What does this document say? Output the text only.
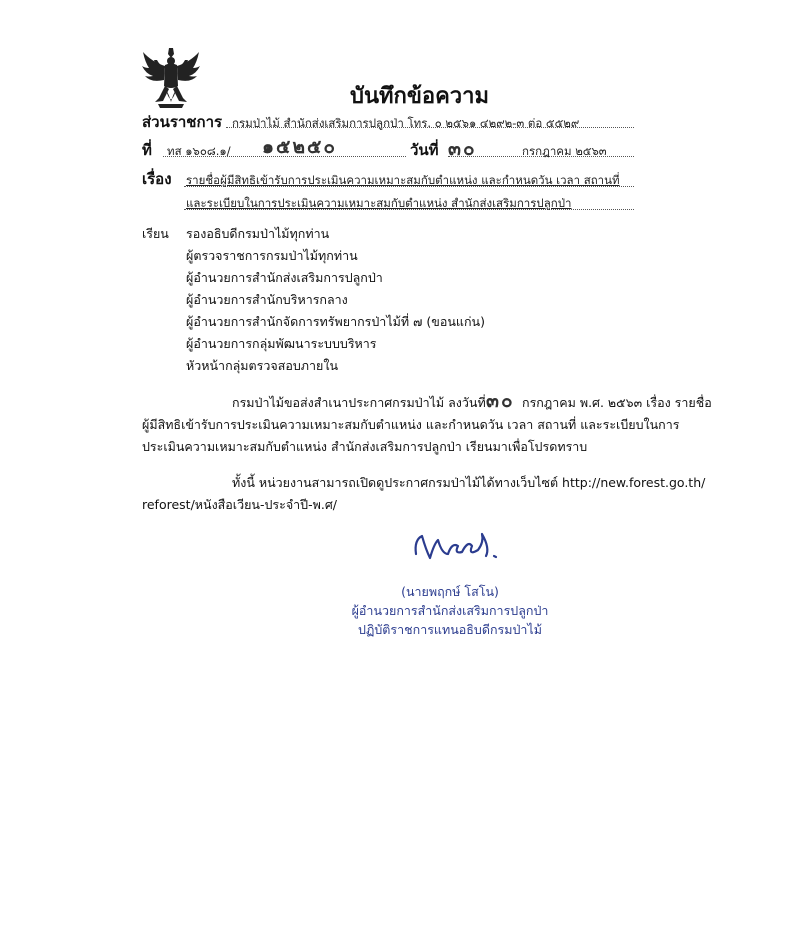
บันทึกข้อความ
ส่วนราชการ กรมป่าไม้ สำนักส่งเสริมการปลูกป่า โทร. ๐ ๒๕๖๑ ๔๒๙๒-๓ ต่อ ๕๕๒๙
ที่ ทส ๑๖๐๘.๑/ ๑๕๒๕๐	วันที่ ๓๐	กรกฎาคม ๒๕๖๓
เรื่อง รายชื่อผู้มีสิทธิเข้ารับการประเมินความเหมาะสมกับตำแหน่ง และกำหนดวัน เวลา สถานที่
และระเบียบในการประเมินความเหมาะสมกับตำแหน่ง สำนักส่งเสริมการปลูกป่า
เรียน รองอธิบดีกรมป่าไม้ทุกท่าน
ผู้ตรวจราชการกรมป่าไม้ทุกท่าน
ผู้อำนวยการสำนักส่งเสริมการปลูกป่า
ผู้อำนวยการสำนักบริหารกลาง
ผู้อำนวยการสำนักจัดการทรัพยากรป่าไม้ที่ ๗ (ขอนแก่น)
ผู้อำนวยการกลุ่มพัฒนาระบบบริหาร
หัวหน้ากลุ่มตรวจสอบภายใน
กรมป่าไม้ขอส่งสำเนาประกาศกรมป่าไม้ ลงวันที่ ๓๐ กรกฎาคม พ.ศ. ๒๕๖๓ เรื่อง รายชื่อ
ผู้มีสิทธิเข้ารับการประเมินความเหมาะสมกับตำแหน่ง และกำหนดวัน เวลา สถานที่ และระเบียบในการ
ประเมินความเหมาะสมกับตำแหน่ง สำนักส่งเสริมการปลูกป่า เรียนมาเพื่อโปรดทราบ
ทั้งนี้ หน่วยงานสามารถเปิดดูประกาศกรมป่าไม้ได้ทางเว็บไซต์ http://new.forest.go.th/
reforest/หนังสือเวียน-ประจำปี-พ.ศ/
(นายพฤกษ์ โสโน)
ผู้อำนวยการสำนักส่งเสริมการปลูกป่า
ปฏิบัติราชการแทนอธิบดีกรมป่าไม้
